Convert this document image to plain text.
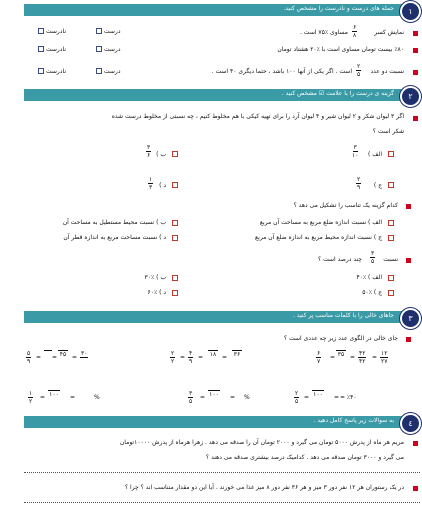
جمله های درست و نادرست را مشخص کنید. ١
نمایش کسر
۶
۸
مساوی ٪۷۵ است .
درست
نادرست
٪۸۰ بیست تومان مساوی است با ٪۲۰ هشتاد تومان
درست
نادرست
نسبت دو عدد
۲
۵
است . اگر یکی از آنها ۱۰۰ باشد ، حتما دیگری ۴۰ است .
درست
نادرست
گزینه ی درست را با علامت ☑ مشخص کنید . ٢
اگر ۳ لیوان شکر و ۲ لیوان شیر و ۴ لیوان آرد را برای تهیه کیکی با هم مخلوط کنیم ، چه نسبتی از مخلوط درست شده
شکر است ؟
الف )
۳
۱۰
ب )
۳
۶
ج )
۲
۹
د )
۱
۳
کدام گزینه یک تناسب را تشکیل می دهد ؟
الف ) نسبت اندازه ضلع مربع به مساحت آن مربع
ب ) نسبت محیط مستطیل به مساحت آن
ج ) نسبت اندازه محیط مربع به اندازه ضلع آن مربع
د ) نسبت مساحت مربع به اندازه قطر آن
نسبت
۳
۵
چند درصد است ؟
الف ) ٪۴۰
ب ) ٪۳۰
ج ) ٪۵۰
د ) ٪۶۰
جاهای خالی را با کلمات مناسب پر کنید . ٣
جای خالی در الگوی عدد زیر چه عددی است ؟
۱۲
۲۷
=
۴۲
۴۲
=
۳۵
=
۶
۷
۳۶
=
۱۸
=
۴
۹
=
۲
۲
۳۰
=
۴۵
=
=
۵
۹
= ٪۴۰
=
۱۰۰
=
۲
۵
%
=
۱۰۰
=
۳
۵
%
=
۱۰۰
=
۱
۲
به سوالات زیر پاسخ کامل دهید . ٤
مریم هر ماه از پدرش ۵۰۰۰ تومان می گیرد و ۲۰۰۰ تومان آن را صدقه می دهد . زهرا هرماه از پدرش ۱۰۰۰۰تومان
می گیرد و ۳۰۰۰ تومان صدقه می دهد . کدامیک درصد بیشتری صدقه می دهند ؟
در یک رستوران هر ۱۲ نفر دور ۳ میز و هر ۳۶ نفر دور ۸ میز غذا می خورند . آیا این دو مقدار متناسب اند ؟ چرا ؟
